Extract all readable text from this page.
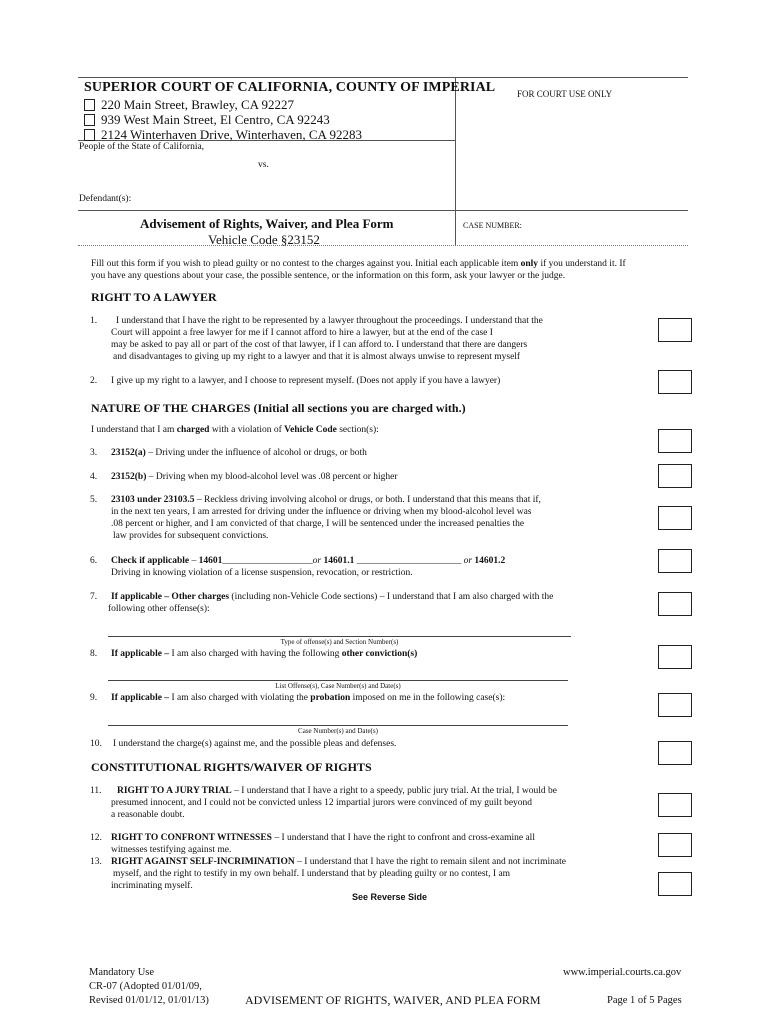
SUPERIOR COURT OF CALIFORNIA, COUNTY OF IMPERIAL
220 Main Street, Brawley, CA 92227
939 West Main Street, El Centro, CA 92243
2124 Winterhaven Drive, Winterhaven, CA 92283
FOR COURT USE ONLY
People of the State of California,
vs.
Defendant(s):
Advisement of Rights, Waiver, and Plea Form
Vehicle Code §23152
CASE NUMBER:
Fill out this form if you wish to plead guilty or no contest to the charges against you. Initial each applicable item only if you understand it. If
you have any questions about your case, the possible sentence, or the information on this form, ask your lawyer or the judge.
RIGHT TO A LAWYER
1. I understand that I have the right to be represented by a lawyer throughout the proceedings. I understand that the
Court will appoint a free lawyer for me if I cannot afford to hire a lawyer, but at the end of the case I
may be asked to pay all or part of the cost of that lawyer, if I can afford to. I understand that there are dangers
and disadvantages to giving up my right to a lawyer and that it is almost always unwise to represent myself
2. I give up my right to a lawyer, and I choose to represent myself. (Does not apply if you have a lawyer)
NATURE OF THE CHARGES (Initial all sections you are charged with.)
I understand that I am charged with a violation of Vehicle Code section(s):
3. 23152(a) – Driving under the influence of alcohol or drugs, or both
4. 23152(b) – Driving when my blood-alcohol level was .08 percent or higher
5. 23103 under 23103.5 – Reckless driving involving alcohol or drugs, or both. I understand that this means that if,
in the next ten years, I am arrested for driving under the influence or driving when my blood-alcohol level was
.08 percent or higher, and I am convicted of that charge, I will be sentenced under the increased penalties the
law provides for subsequent convictions.
6. Check if applicable – 14601___________________or 14601.1 ______________________ or 14601.2
Driving in knowing violation of a license suspension, revocation, or restriction.
7. If applicable – Other charges (including non-Vehicle Code sections) – I understand that I am also charged with the
following other offense(s):
Type of offense(s) and Section Number(s)
8. If applicable – I am also charged with having the following other conviction(s)
List Offense(s), Case Number(s) and Date(s)
9. If applicable – I am also charged with violating the probation imposed on me in the following case(s):
Case Number(s) and Date(s)
10. I understand the charge(s) against me, and the possible pleas and defenses.
CONSTITUTIONAL RIGHTS/WAIVER OF RIGHTS
11. RIGHT TO A JURY TRIAL – I understand that I have a right to a speedy, public jury trial. At the trial, I would be
presumed innocent, and I could not be convicted unless 12 impartial jurors were convinced of my guilt beyond
a reasonable doubt.
12. RIGHT TO CONFRONT WITNESSES – I understand that I have the right to confront and cross-examine all
witnesses testifying against me.
13. RIGHT AGAINST SELF-INCRIMINATION – I understand that I have the right to remain silent and not incriminate
myself, and the right to testify in my own behalf. I understand that by pleading guilty or no contest, I am
incriminating myself.
See Reverse Side
Mandatory Use
CR-07 (Adopted 01/01/09,
Revised 01/01/12, 01/01/13)	ADVISEMENT OF RIGHTS, WAIVER, AND PLEA FORM
www.imperial.courts.ca.gov
Page 1 of 5 Pages
